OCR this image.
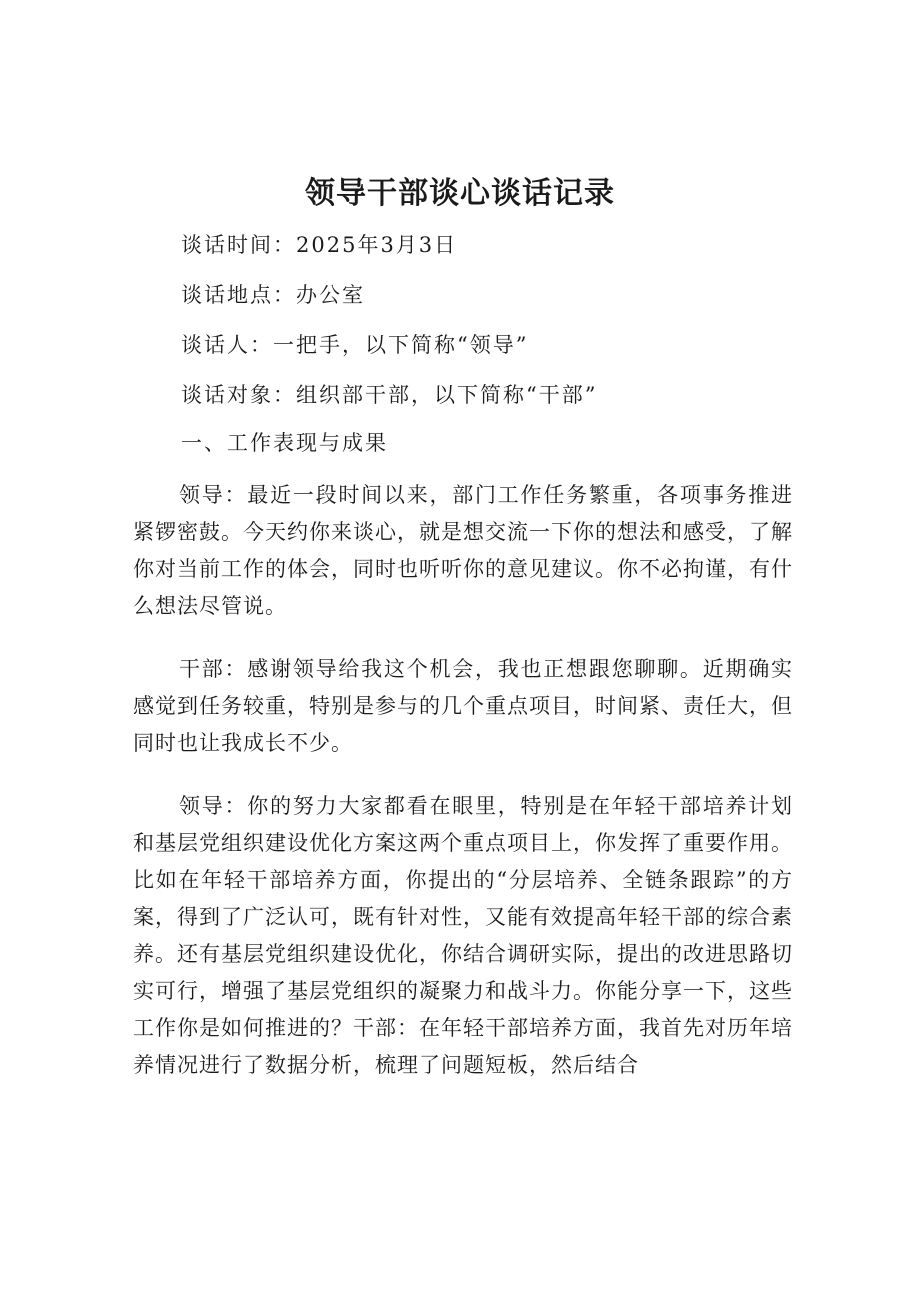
领导干部谈心谈话记录
谈话时间：2025年3月3日
谈话地点：办公室
谈话人：一把手，以下简称“领导”
谈话对象：组织部干部，以下简称“干部”
一、工作表现与成果

领导：最近一段时间以来，部门工作任务繁重，各项事务推进紧锣密鼓。今天约你来谈心，就是想交流一下你的想法和感受，了解你对当前工作的体会，同时也听听你的意见建议。你不必拘谨，有什么想法尽管说。

干部：感谢领导给我这个机会，我也正想跟您聊聊。近期确实感觉到任务较重，特别是参与的几个重点项目，时间紧、责任大，但同时也让我成长不少。

领导：你的努力大家都看在眼里，特别是在年轻干部培养计划和基层党组织建设优化方案这两个重点项目上，你发挥了重要作用。比如在年轻干部培养方面，你提出的“分层培养、全链条跟踪”的方案，得到了广泛认可，既有针对性，又能有效提高年轻干部的综合素养。还有基层党组织建设优化，你结合调研实际，提出的改进思路切实可行，增强了基层党组织的凝聚力和战斗力。你能分享一下，这些工作你是如何推进的？干部：在年轻干部培养方面，我首先对历年培养情况进行了数据分析，梳理了问题短板，然后结合
